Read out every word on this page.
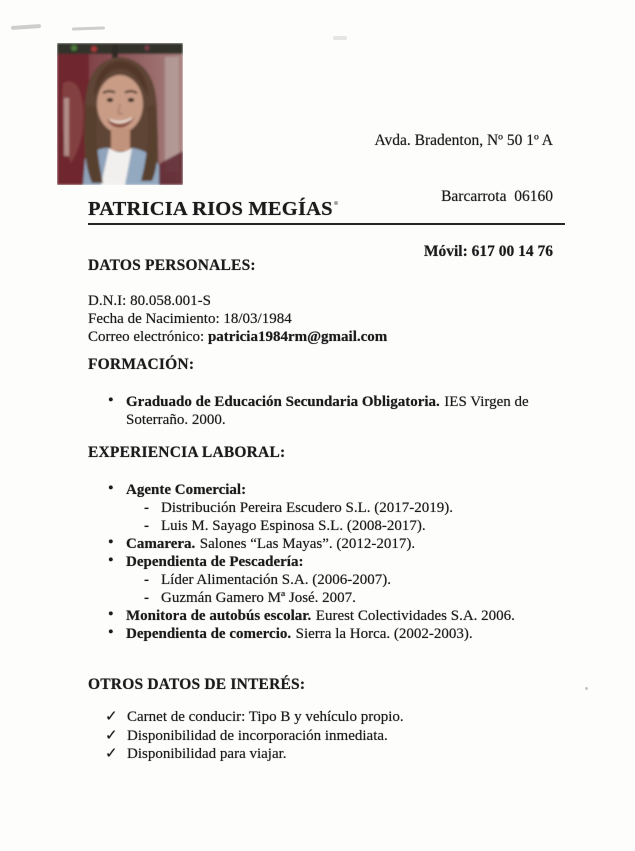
Avda. Bradenton, Nº 50 1º A

Barcarrota  06160

Móvil: 617 00 14 76

PATRICIA RIOS MEGÍAS
DATOS PERSONALES:
D.N.I: 80.058.001-S
Fecha de Nacimiento: 18/03/1984
Correo electrónico: patricia1984rm@gmail.com
FORMACIÓN:
• Graduado de Educación Secundaria Obligatoria. IES Virgen de Soterraño. 2000.
EXPERIENCIA LABORAL:
• Agente Comercial:
- Distribución Pereira Escudero S.L. (2017-2019).
- Luis M. Sayago Espinosa S.L. (2008-2017).
• Camarera. Salones “Las Mayas”. (2012-2017).
• Dependienta de Pescadería:
- Líder Alimentación S.A. (2006-2007).
- Guzmán Gamero Mª José. 2007.
• Monitora de autobús escolar. Eurest Colectividades S.A. 2006.
• Dependienta de comercio. Sierra la Horca. (2002-2003).
OTROS DATOS DE INTERÉS:
✓ Carnet de conducir: Tipo B y vehículo propio.
✓ Disponibilidad de incorporación inmediata.
✓ Disponibilidad para viajar.
